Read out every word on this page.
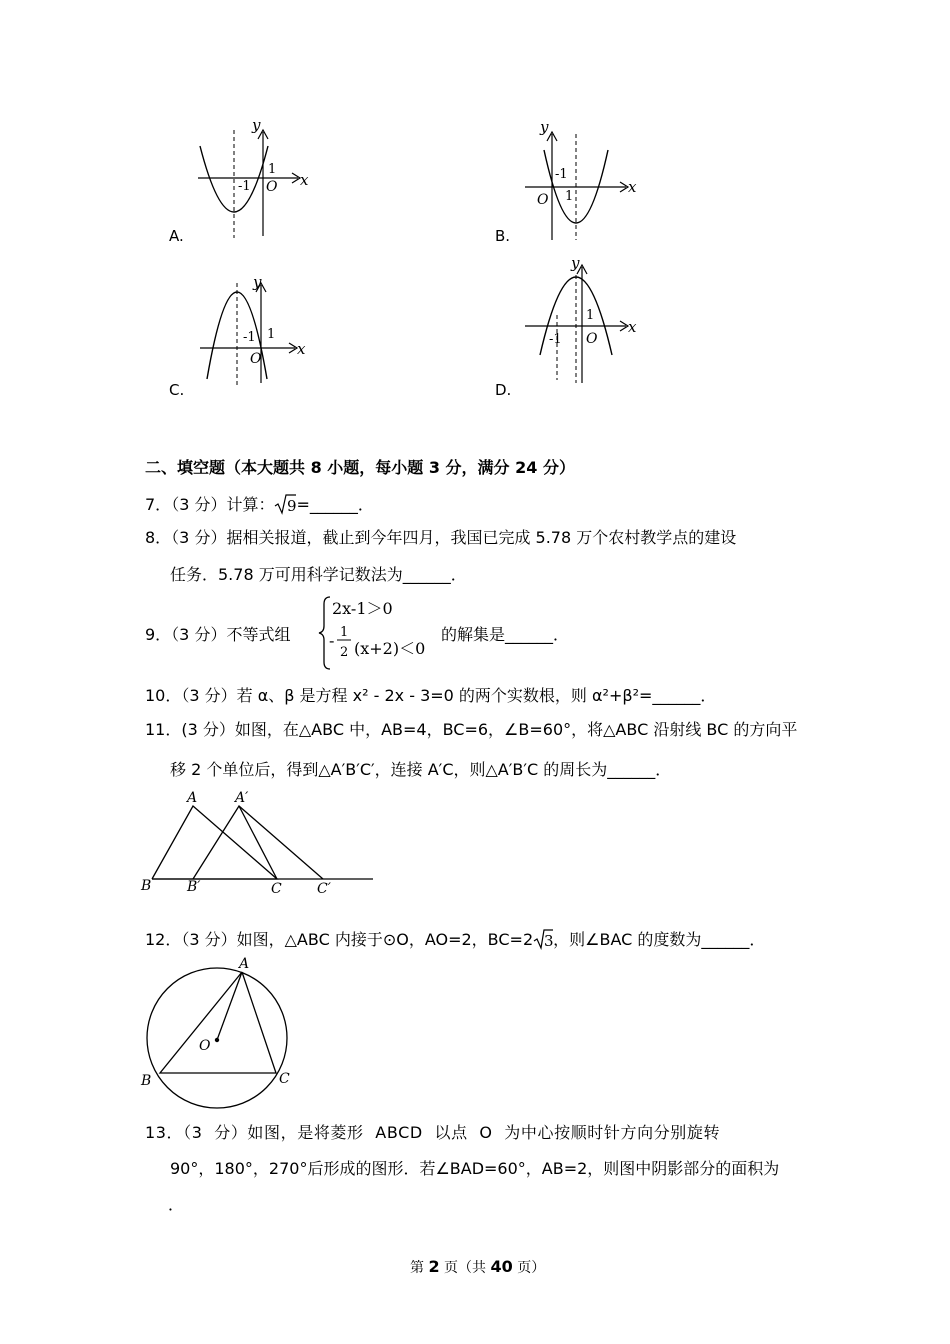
y
x
O
-1
1
A.
y
x
O
-1
1
B.
y
x
O
-1 1
C.
y
x
O
-1
1
D.
二、填空题（本大题共 8 小题，每小题 3 分，满分 24 分）
7．（3 分）计算： 9 =______．
8．（3 分）据相关报道，截止到今年四月，我国已完成 5.78 万个农村教学点的建设
任务．5.78 万可用科学记数法为______．
9．（3 分）不等式组
2x-1＞0
- 1
2 (x+2)＜0
的解集是______．
10．（3 分）若 α、β 是方程 x² - 2x - 3=0 的两个实数根，则 α²+β²=______．
11．(3 分）如图，在△ABC 中，AB=4，BC=6，∠B=60°，将△ABC 沿射线 BC 的方向平
移 2 个单位后，得到△A′B′C′，连接 A′C，则△A′B′C 的周长为______．
A	A′
B	B′	C	C′
12．（3 分）如图，△ABC 内接于⊙O，AO=2，BC=2 3 ，则∠BAC 的度数为______．
A
B	C
O
13．（3 分）如图，是将菱形 ABCD 以点 O 为中心按顺时针方向分别旋转
90°，180°，270°后形成的图形．若∠BAD=60°，AB=2，则图中阴影部分的面积为
．
第 2 页（共 40 页）
